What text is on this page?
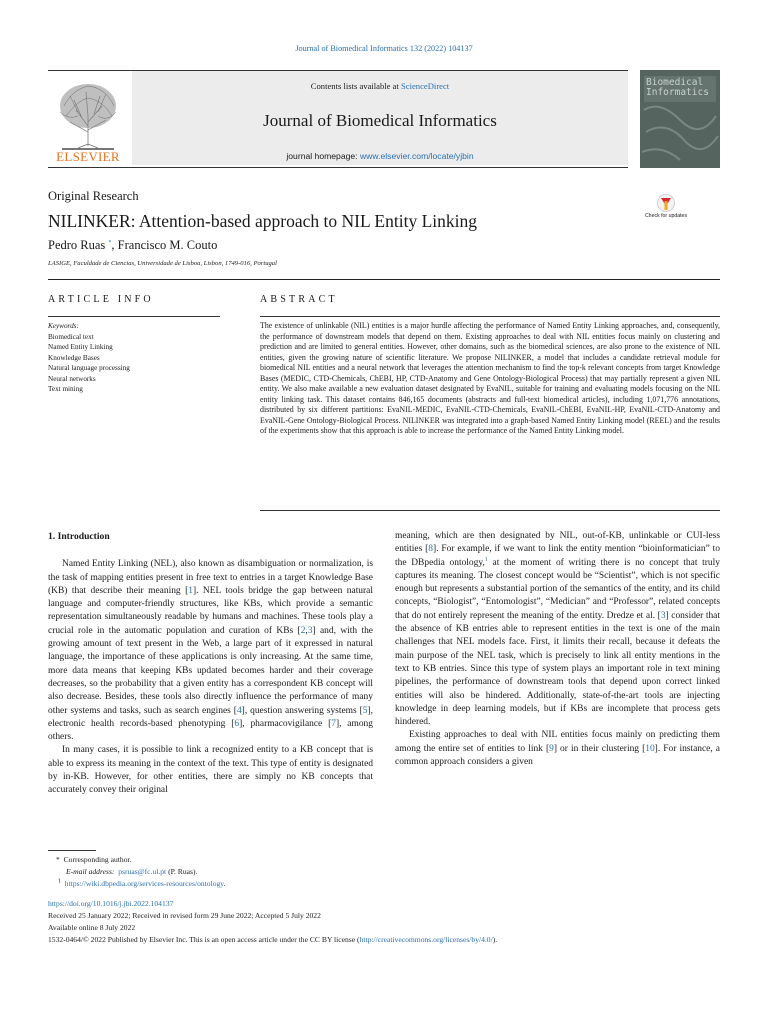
Journal of Biomedical Informatics 132 (2022) 104137
Contents lists available at ScienceDirect
Journal of Biomedical Informatics
journal homepage: www.elsevier.com/locate/yjbin
ELSEVIER
Biomedical Informatics
Original Research
Check for updates
NILINKER: Attention-based approach to NIL Entity Linking
Pedro Ruas *, Francisco M. Couto
LASIGE, Faculdade de Ciencias, Universidade de Lisboa, Lisbon, 1749-016, Portugal
ARTICLE INFO	ABSTRACT
Keywords:
Biomedical text
Named Entity Linking
Knowledge Bases
Natural language processing
Neural networks
Text mining
The existence of unlinkable (NIL) entities is a major hurdle affecting the performance of Named Entity Linking approaches, and, consequently, the performance of downstream models that depend on them. Existing approaches to deal with NIL entities focus mainly on clustering and prediction and are limited to general entities. However, other domains, such as the biomedical sciences, are also prone to the existence of NIL entities, given the growing nature of scientific literature. We propose NILINKER, a model that includes a candidate retrieval module for biomedical NIL entities and a neural network that leverages the attention mechanism to find the top-k relevant concepts from target Knowledge Bases (MEDIC, CTD-Chemicals, ChEBI, HP, CTD-Anatomy and Gene Ontology-Biological Process) that may partially represent a given NIL entity. We also make available a new evaluation dataset designated by EvaNIL, suitable for training and evaluating models focusing on the NIL entity linking task. This dataset contains 846,165 documents (abstracts and full-text biomedical articles), including 1,071,776 annotations, distributed by six different partitions: EvaNIL-MEDIC, EvaNIL-CTD-Chemicals, EvaNIL-ChEBI, EvaNIL-HP, EvaNIL-CTD-Anatomy and EvaNIL-Gene Ontology-Biological Process. NILINKER was integrated into a graph-based Named Entity Linking model (REEL) and the results of the experiments show that this approach is able to increase the performance of the Named Entity Linking model.
1. Introduction

Named Entity Linking (NEL), also known as disambiguation or normalization, is the task of mapping entities present in free text to entries in a target Knowledge Base (KB) that describe their meaning [1]. NEL tools bridge the gap between natural language and computer-friendly structures, like KBs, which provide a semantic representation simultaneously readable by humans and machines. These tools play a crucial role in the automatic population and curation of KBs [2,3] and, with the growing amount of text present in the Web, a large part of it expressed in natural language, the importance of these applications is only increasing. At the same time, more data means that keeping KBs updated becomes harder and their coverage decreases, so the probability that a given entity has a correspondent KB concept will also decrease. Besides, these tools also directly influence the performance of many other systems and tasks, such as search engines [4], question answering systems [5], electronic health records-based phenotyping [6], pharmacovigilance [7], among others.

In many cases, it is possible to link a recognized entity to a KB concept that is able to express its meaning in the context of the text. This type of entity is designated by in-KB. However, for other entities, there are simply no KB concepts that accurately convey their original

meaning, which are then designated by NIL, out-of-KB, unlinkable or CUI-less entities [8]. For example, if we want to link the entity mention “bioinformatician” to the DBpedia ontology,$^1$ at the moment of writing there is no concept that truly captures its meaning. The closest concept would be “Scientist”, which is not specific enough but represents a substantial portion of the semantics of the entity, and its child concepts, “Biologist”, “Entomologist”, “Medician” and “Professor”, related concepts that do not entirely represent the meaning of the entity. Dredze et al. [3] consider that the absence of KB entries able to represent entities in the text is one of the main challenges that NEL models face. First, it limits their recall, because it defeats the main purpose of the NEL task, which is precisely to link all entity mentions in the text to KB entries. Since this type of system plays an important role in text mining pipelines, the performance of downstream tools that depend upon correct linked entities will also be hindered. Additionally, state-of-the-art tools are injecting knowledge in deep learning models, but if KBs are incomplete that process gets hindered.

Existing approaches to deal with NIL entities focus mainly on predicting them among the entire set of entities to link [9] or in their clustering [10]. For instance, a common approach considers a given

* Corresponding author.
E-mail address: psruas@fc.ul.pt (P. Ruas).
$^1$ https://wiki.dbpedia.org/services-resources/ontology.
https://doi.org/10.1016/j.jbi.2022.104137
Received 25 January 2022; Received in revised form 29 June 2022; Accepted 5 July 2022
Available online 8 July 2022
1532-0464/© 2022 Published by Elsevier Inc. This is an open access article under the CC BY license (http://creativecommons.org/licenses/by/4.0/).
